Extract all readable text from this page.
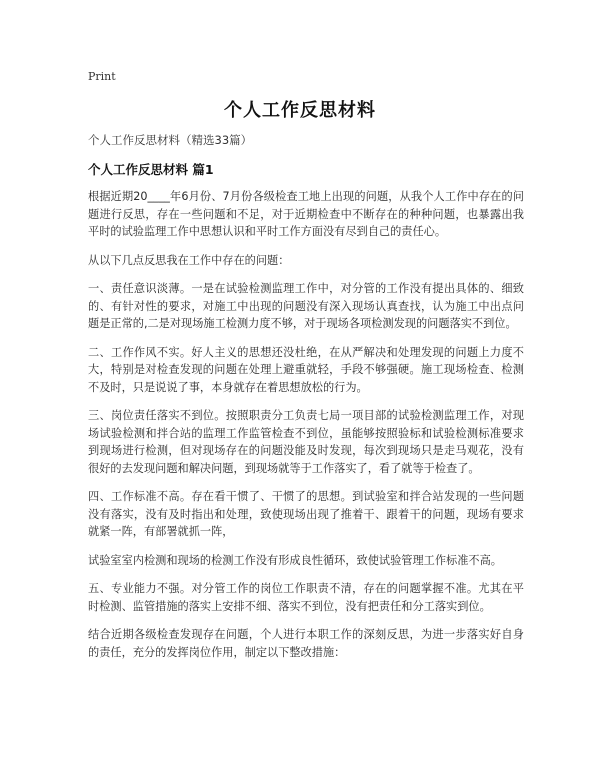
Print
个人工作反思材料
个人工作反思材料（精选33篇）
个人工作反思材料 篇1

根据近期20____年6月份、7月份各级检查工地上出现的问题，从我个人工作中存在的问题进行反思，存在一些问题和不足，对于近期检查中不断存在的种种问题，也暴露出我平时的试验监理工作中思想认识和平时工作方面没有尽到自己的责任心。

从以下几点反思我在工作中存在的问题：

一、责任意识淡薄。一是在试验检测监理工作中，对分管的工作没有提出具体的、细致的、有针对性的要求，对施工中出现的问题没有深入现场认真查找，认为施工中出点问题是正常的,二是对现场施工检测力度不够，对于现场各项检测发现的问题落实不到位。

二、工作作风不实。好人主义的思想还没杜绝，在从严解决和处理发现的问题上力度不大，特别是对检查发现的问题在处理上避重就轻，手段不够强硬。施工现场检查、检测不及时，只是说说了事，本身就存在着思想放松的行为。

三、岗位责任落实不到位。按照职责分工负责七局一项目部的试验检测监理工作，对现场试验检测和拌合站的监理工作监管检查不到位，虽能够按照验标和试验检测标准要求到现场进行检测，但对现场存在的问题没能及时发现，每次到现场只是走马观花，没有很好的去发现问题和解决问题，到现场就等于工作落实了，看了就等于检查了。

四、工作标准不高。存在看干惯了、干惯了的思想。到试验室和拌合站发现的一些问题没有落实，没有及时指出和处理，致使现场出现了推着干、跟着干的问题，现场有要求就紧一阵，有部署就抓一阵，

试验室室内检测和现场的检测工作没有形成良性循环，致使试验管理工作标准不高。

五、专业能力不强。对分管工作的岗位工作职责不清，存在的问题掌握不准。尤其在平时检测、监管措施的落实上安排不细、落实不到位，没有把责任和分工落实到位。

结合近期各级检查发现存在问题，个人进行本职工作的深刻反思，为进一步落实好自身的责任，充分的发挥岗位作用，制定以下整改措施：
